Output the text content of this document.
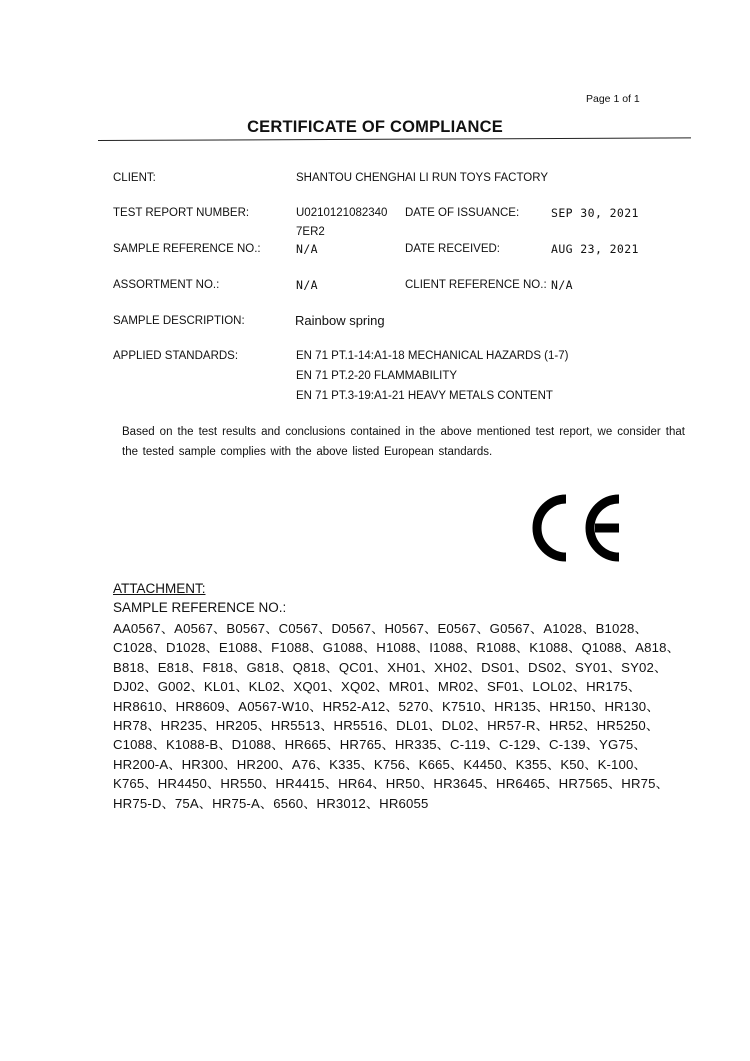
Page 1 of 1
CERTIFICATE OF COMPLIANCE
CLIENT:	SHANTOU CHENGHAI LI RUN TOYS FACTORY
TEST REPORT NUMBER:	U0210121082340
7ER2
DATE OF ISSUANCE:	SEP 30, 2021
SAMPLE REFERENCE NO.:	N/A	DATE RECEIVED:	AUG 23, 2021
ASSORTMENT NO.:	N/A	CLIENT REFERENCE NO.: N/A
SAMPLE DESCRIPTION:	Rainbow spring
APPLIED STANDARDS:	EN 71 PT.1-14:A1-18 MECHANICAL HAZARDS (1-7)
EN 71 PT.2-20 FLAMMABILITY
EN 71 PT.3-19:A1-21 HEAVY METALS CONTENT
Based on the test results and conclusions contained in the above mentioned test report, we consider that the tested sample complies with the above listed European standards.
ATTACHMENT:
SAMPLE REFERENCE NO.:
AA0567、A0567、B0567、C0567、D0567、H0567、E0567、G0567、A1028、B1028、C1028、D1028、E1088、F1088、G1088、H1088、I1088、R1088、K1088、Q1088、A818、B818、E818、F818、G818、Q818、QC01、XH01、XH02、DS01、DS02、SY01、SY02、DJ02、G002、KL01、KL02、XQ01、XQ02、MR01、MR02、SF01、LOL02、HR175、HR8610、HR8609、A0567-W10、HR52-A12、5270、K7510、HR135、HR150、HR130、HR78、HR235、HR205、HR5513、HR5516、DL01、DL02、HR57-R、HR52、HR5250、C1088、K1088-B、D1088、HR665、HR765、HR335、C-119、C-129、C-139、YG75、HR200-A、HR300、HR200、A76、K335、K756、K665、K4450、K355、K50、K-100、K765、HR4450、HR550、HR4415、HR64、HR50、HR3645、HR6465、HR7565、HR75、HR75-D、75A、HR75-A、6560、HR3012、HR6055
